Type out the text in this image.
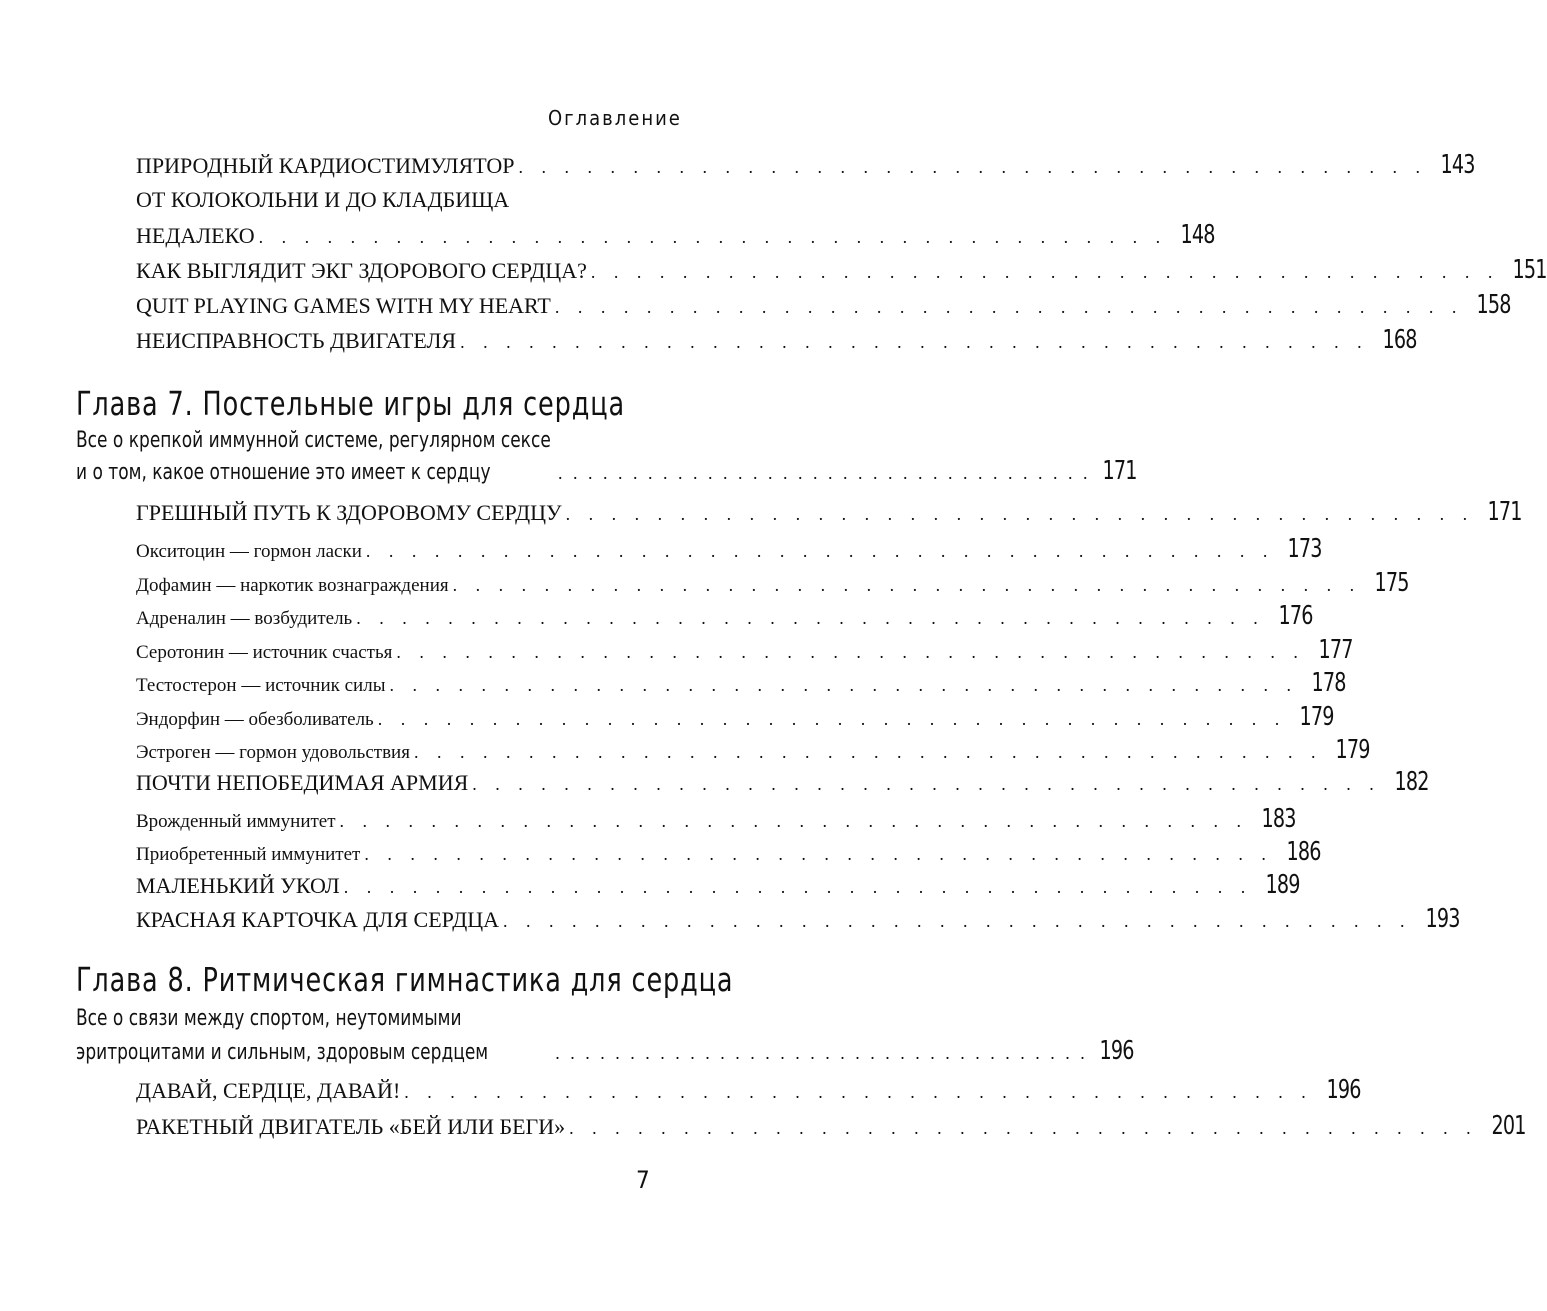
Оглавление
ПРИРОДНЫЙ КАРДИОСТИМУЛЯТОР . . . . . . . . . . . . . . . . . . . . . . . . . . . . . . . . . . . . . . . . 143
ОТ КОЛОКОЛЬНИ И ДО КЛАДБИЩА
НЕДАЛЕКО . . . . . . . . . . . . . . . . . . . . . . . . . . . . . . . . . . . . . . . . 148
КАК ВЫГЛЯДИТ ЭКГ ЗДОРОВОГО СЕРДЦА? . . . . . . . . . . . . . . . . . . . . . . . . . . . . . . . . . . . . . . . . 151
QUIT PLAYING GAMES WITH MY HEART . . . . . . . . . . . . . . . . . . . . . . . . . . . . . . . . . . . . . . . . 158
НЕИСПРАВНОСТЬ ДВИГАТЕЛЯ . . . . . . . . . . . . . . . . . . . . . . . . . . . . . . . . . . . . . . . . 168
Глава 7. Постельные игры для сердца
Все о крепкой иммунной системе, регулярном сексе
и о том, какое отношение это имеет к сердцу	. . . . . . . . . . . . . . . . . . . . . . . . . . . . . . . . . . . . 171
ГРЕШНЫЙ ПУТЬ К ЗДОРОВОМУ СЕРДЦУ . . . . . . . . . . . . . . . . . . . . . . . . . . . . . . . . . . . . . . . . 171
Окситоцин — гормон ласки . . . . . . . . . . . . . . . . . . . . . . . . . . . . . . . . . . . . . . . . 173
Дофамин — наркотик вознаграждения . . . . . . . . . . . . . . . . . . . . . . . . . . . . . . . . . . . . . . . . 175
Адреналин — возбудитель . . . . . . . . . . . . . . . . . . . . . . . . . . . . . . . . . . . . . . . . 176
Серотонин — источник счастья . . . . . . . . . . . . . . . . . . . . . . . . . . . . . . . . . . . . . . . . 177
Тестостерон — источник силы . . . . . . . . . . . . . . . . . . . . . . . . . . . . . . . . . . . . . . . . 178
Эндорфин — обезболиватель . . . . . . . . . . . . . . . . . . . . . . . . . . . . . . . . . . . . . . . . 179
Эстроген — гормон удовольствия . . . . . . . . . . . . . . . . . . . . . . . . . . . . . . . . . . . . . . . . 179
ПОЧТИ НЕПОБЕДИМАЯ АРМИЯ . . . . . . . . . . . . . . . . . . . . . . . . . . . . . . . . . . . . . . . . 182
Врожденный иммунитет . . . . . . . . . . . . . . . . . . . . . . . . . . . . . . . . . . . . . . . . 183
Приобретенный иммунитет . . . . . . . . . . . . . . . . . . . . . . . . . . . . . . . . . . . . . . . . 186
МАЛЕНЬКИЙ УКОЛ . . . . . . . . . . . . . . . . . . . . . . . . . . . . . . . . . . . . . . . . 189
КРАСНАЯ КАРТОЧКА ДЛЯ СЕРДЦА . . . . . . . . . . . . . . . . . . . . . . . . . . . . . . . . . . . . . . . . 193
Глава 8. Ритмическая гимнастика для сердца
Все о связи между спортом, неутомимыми
эритроцитами и сильным, здоровым сердцем	. . . . . . . . . . . . . . . . . . . . . . . . . . . . . . . . . . . . 196
ДАВАЙ, СЕРДЦЕ, ДАВАЙ! . . . . . . . . . . . . . . . . . . . . . . . . . . . . . . . . . . . . . . . . 196
РАКЕТНЫЙ ДВИГАТЕЛЬ «БЕЙ ИЛИ БЕГИ» . . . . . . . . . . . . . . . . . . . . . . . . . . . . . . . . . . . . . . . . 201
7
